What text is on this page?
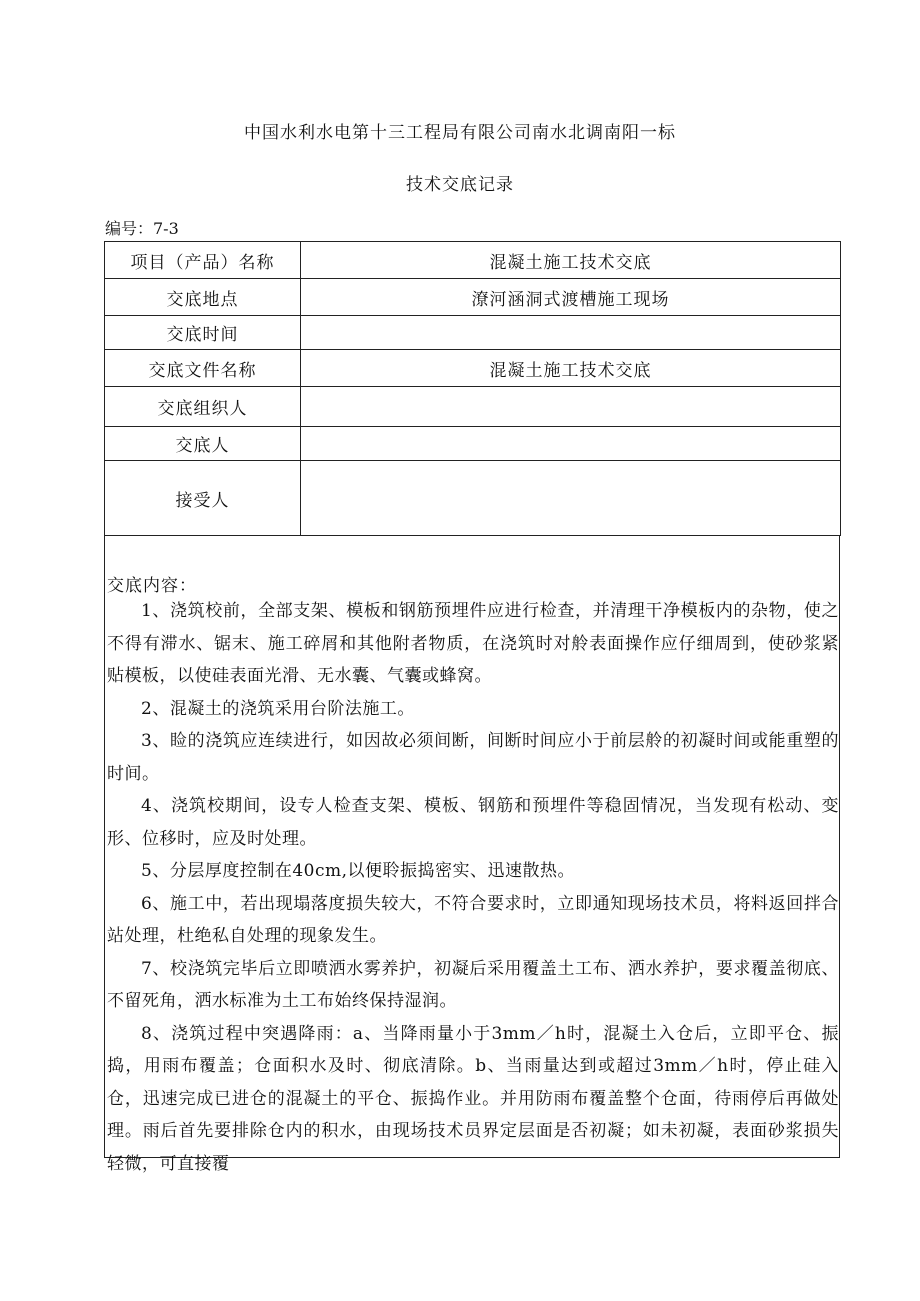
中国水利水电第十三工程局有限公司南水北调南阳一标
技术交底记录
编号：7-3
项目（产品）名称	混凝土施工技术交底
交底地点	潦河涵洞式渡槽施工现场
交底时间	
交底文件名称	混凝土施工技术交底
交底组织人	
交底人	
接受人	
交底内容：

1、浇筑校前，全部支架、模板和钢筋预埋件应进行检查，并清理干净模板内的杂物，使之不得有滞水、锯末、施工碎屑和其他附者物质，在浇筑时对舲表面操作应仔细周到，使砂浆紧贴模板，以使硅表面光滑、无水囊、气囊或蜂窝。

2、混凝土的浇筑采用台阶法施工。

3、睑的浇筑应连续进行，如因故必须间断，间断时间应小于前层舲的初凝时间或能重塑的时间。

4、浇筑校期间，设专人检查支架、模板、钢筋和预埋件等稳固情况，当发现有松动、变形、位移时，应及时处理。

5、分层厚度控制在40cm,以便聆振捣密实、迅速散热。

6、施工中，若出现塌落度损失较大，不符合要求时，立即通知现场技术员，将料返回拌合站处理，杜绝私自处理的现象发生。

7、校浇筑完毕后立即喷洒水雾养护，初凝后采用覆盖土工布、洒水养护，要求覆盖彻底、不留死角，洒水标准为土工布始终保持湿润。

8、浇筑过程中突遇降雨：a、当降雨量小于3mm／h时，混凝土入仓后，立即平仓、振捣，用雨布覆盖；仓面积水及时、彻底清除。b、当雨量达到或超过3mm／h时，停止硅入仓，迅速完成已进仓的混凝土的平仓、振捣作业。并用防雨布覆盖整个仓面，待雨停后再做处理。雨后首先要排除仓内的积水，由现场技术员界定层面是否初凝；如未初凝，表面砂浆损失轻微，可直接覆
